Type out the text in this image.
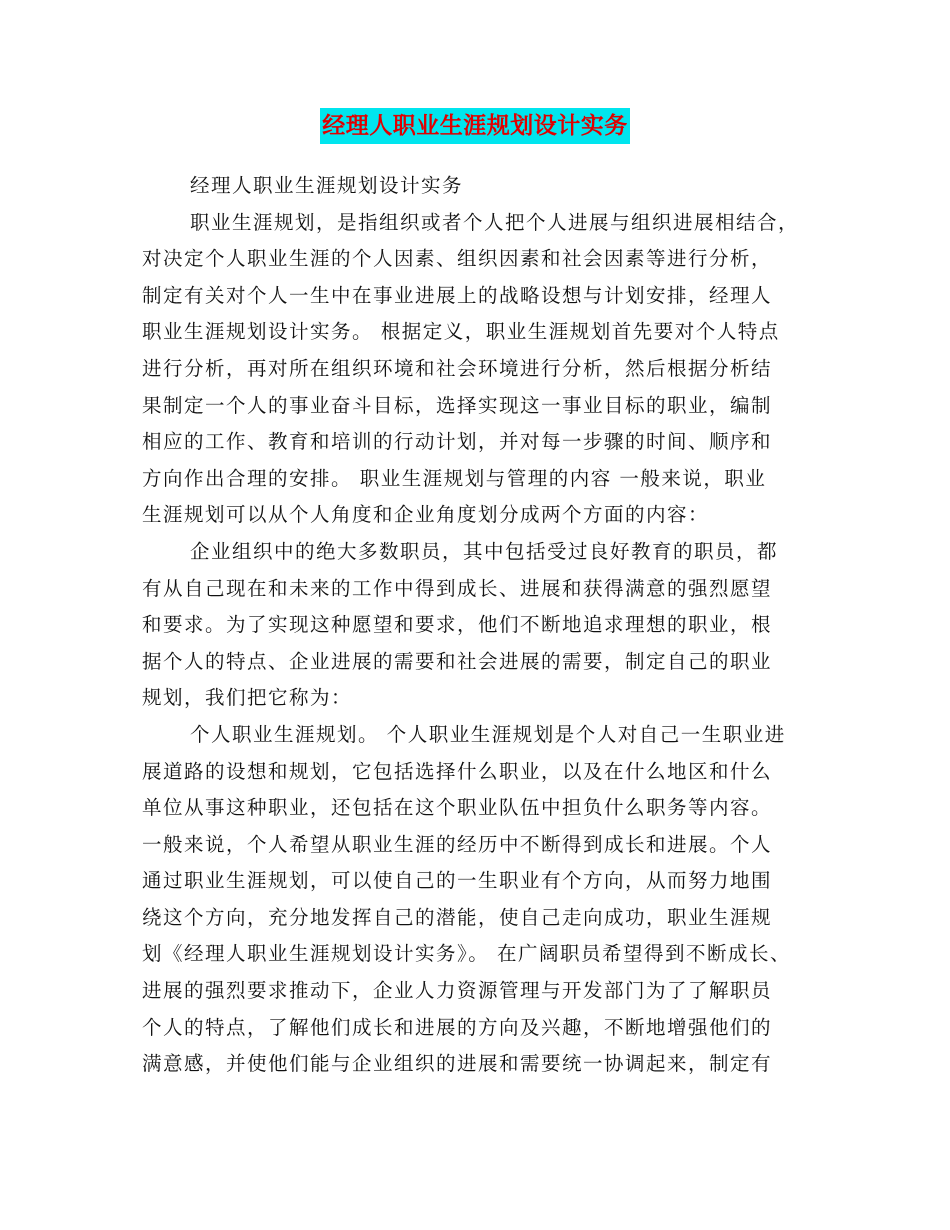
经理人职业生涯规划设计实务
经理人职业生涯规划设计实务
职业生涯规划，是指组织或者个人把个人进展与组织进展相结合，
对决定个人职业生涯的个人因素、组织因素和社会因素等进行分析，
制定有关对个人一生中在事业进展上的战略设想与计划安排，经理人
职业生涯规划设计实务。 根据定义，职业生涯规划首先要对个人特点
进行分析，再对所在组织环境和社会环境进行分析，然后根据分析结
果制定一个人的事业奋斗目标，选择实现这一事业目标的职业，编制
相应的工作、教育和培训的行动计划，并对每一步骤的时间、顺序和
方向作出合理的安排。 职业生涯规划与管理的内容 一般来说，职业
生涯规划可以从个人角度和企业角度划分成两个方面的内容：
企业组织中的绝大多数职员，其中包括受过良好教育的职员，都
有从自己现在和未来的工作中得到成长、进展和获得满意的强烈愿望
和要求。为了实现这种愿望和要求，他们不断地追求理想的职业，根
据个人的特点、企业进展的需要和社会进展的需要，制定自己的职业
规划，我们把它称为：
个人职业生涯规划。 个人职业生涯规划是个人对自己一生职业进
展道路的设想和规划，它包括选择什么职业，以及在什么地区和什么
单位从事这种职业，还包括在这个职业队伍中担负什么职务等内容。
一般来说，个人希望从职业生涯的经历中不断得到成长和进展。个人
通过职业生涯规划，可以使自己的一生职业有个方向，从而努力地围
绕这个方向，充分地发挥自己的潜能，使自己走向成功，职业生涯规
划《经理人职业生涯规划设计实务》。 在广阔职员希望得到不断成长、
进展的强烈要求推动下，企业人力资源管理与开发部门为了了解职员
个人的特点，了解他们成长和进展的方向及兴趣，不断地增强他们的
满意感，并使他们能与企业组织的进展和需要统一协调起来，制定有
